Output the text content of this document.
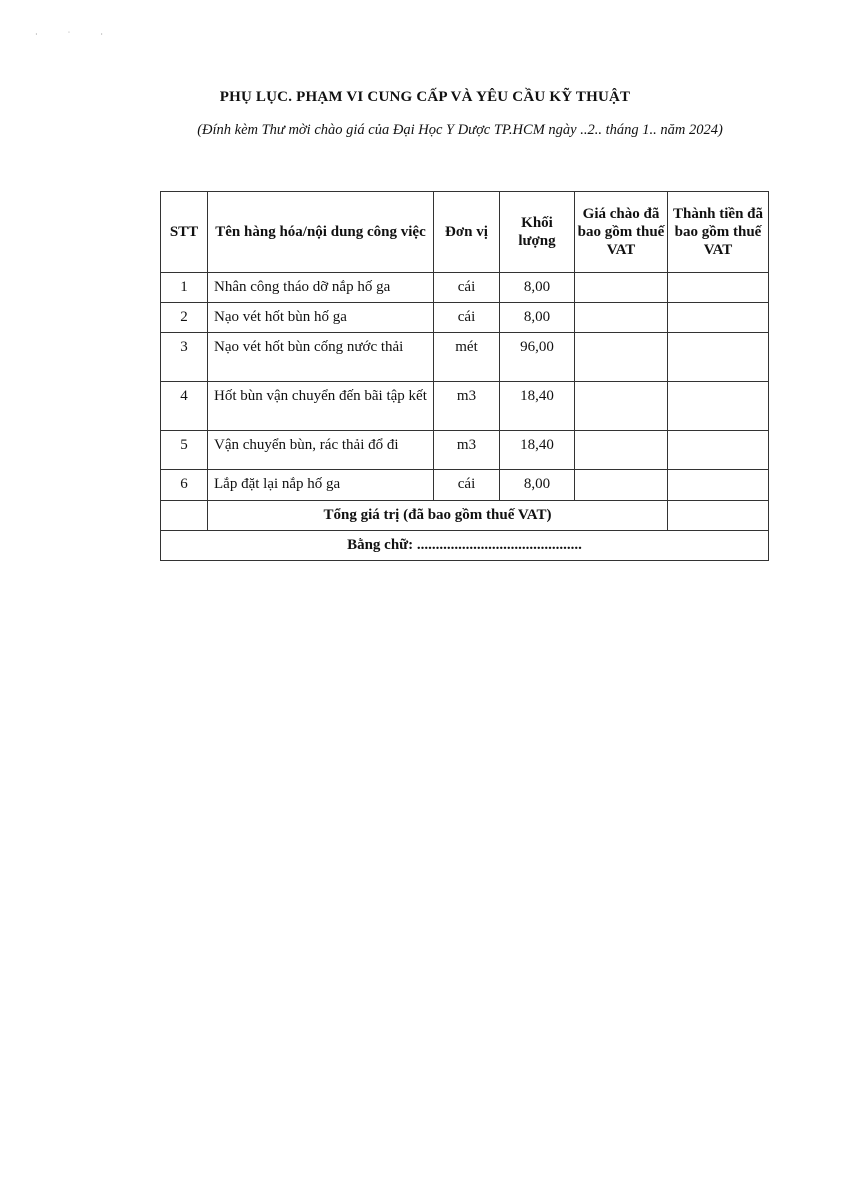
· ˙ ·
PHỤ LỤC. PHẠM VI CUNG CẤP VÀ YÊU CẦU KỸ THUẬT
(Đính kèm Thư mời chào giá của Đại Học Y Dược TP.HCM ngày ..2.. tháng 1.. năm 2024)
STT	Tên hàng hóa/nội dung công việc	Đơn vị	Khối lượng	Giá chào đã bao gồm thuế VAT	Thành tiền đã bao gồm thuế VAT
1	Nhân công tháo dỡ nắp hố ga	cái	8,00		
2	Nạo vét hốt bùn hố ga	cái	8,00		
3	Nạo vét hốt bùn cống nước thải	mét	96,00		
4	Hốt bùn vận chuyển đến bãi tập kết	m3	18,40		
5	Vận chuyển bùn, rác thải đổ đi	m3	18,40		
6	Lắp đặt lại nắp hố ga	cái	8,00		
	Tổng giá trị (đã bao gồm thuế VAT)				
Bằng chữ: ............................................					
